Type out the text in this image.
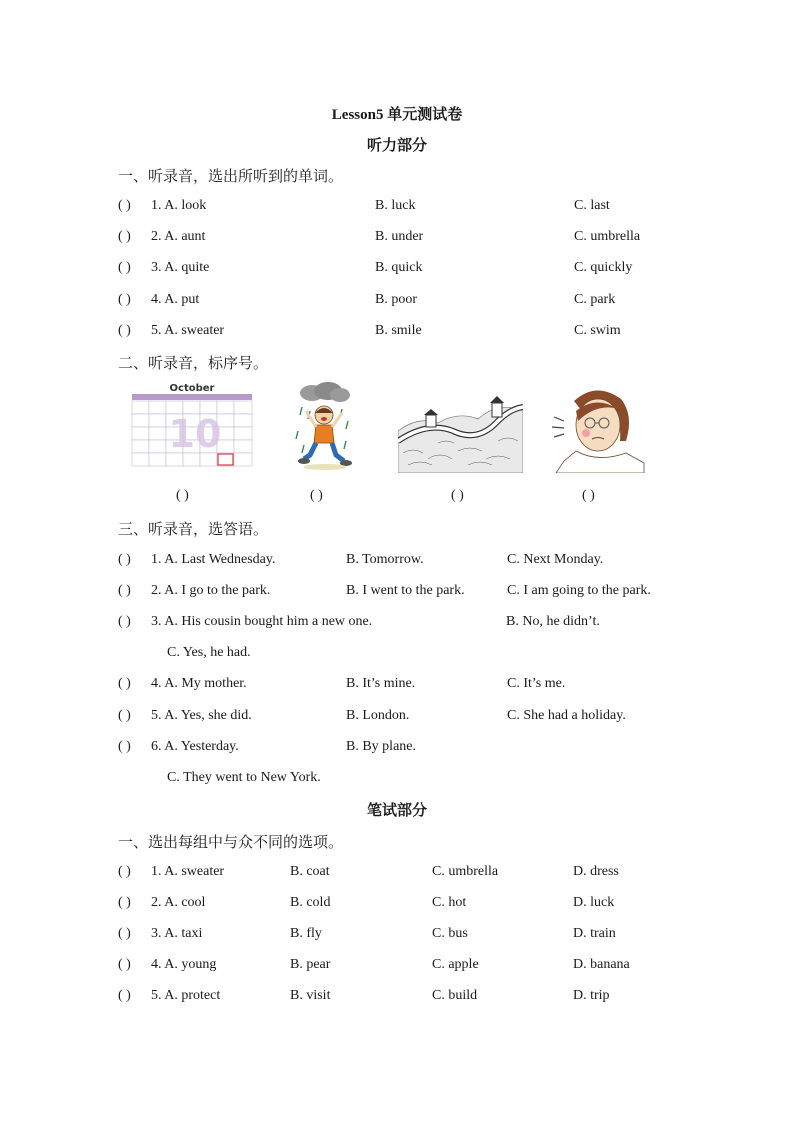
Lesson5 单元测试卷
听力部分
一、听录音，选出所听到的单词。
( ) 1. A. look	B. luck	C. last
( ) 2. A. aunt	B. under	C. umbrella
( ) 3. A. quite	B. quick	C. quickly
( ) 4. A. put	B. poor	C. park
( ) 5. A. sweater	B. smile	C. swim
二、听录音，标序号。
October
10
( )	( )	( )	( )
三、听录音，选答语。
( ) 1. A. Last Wednesday.	B. Tomorrow.	C. Next Monday.
( ) 2. A. I go to the park.	B. I went to the park.	C. I am going to the park.
( ) 3. A. His cousin bought him a new one.	B. No, he didn’t.
C. Yes, he had.
( ) 4. A. My mother.	B. It’s mine.	C. It’s me.
( ) 5. A. Yes, she did.	B. London.	C. She had a holiday.
( ) 6. A. Yesterday.	B. By plane.
C. They went to New York.
笔试部分
一、选出每组中与众不同的选项。
( ) 1. A. sweater	B. coat	C. umbrella	D. dress
( ) 2. A. cool	B. cold	C. hot	D. luck
( ) 3. A. taxi	B. fly	C. bus	D. train
( ) 4. A. young	B. pear	C. apple	D. banana
( ) 5. A. protect	B. visit	C. build	D. trip
